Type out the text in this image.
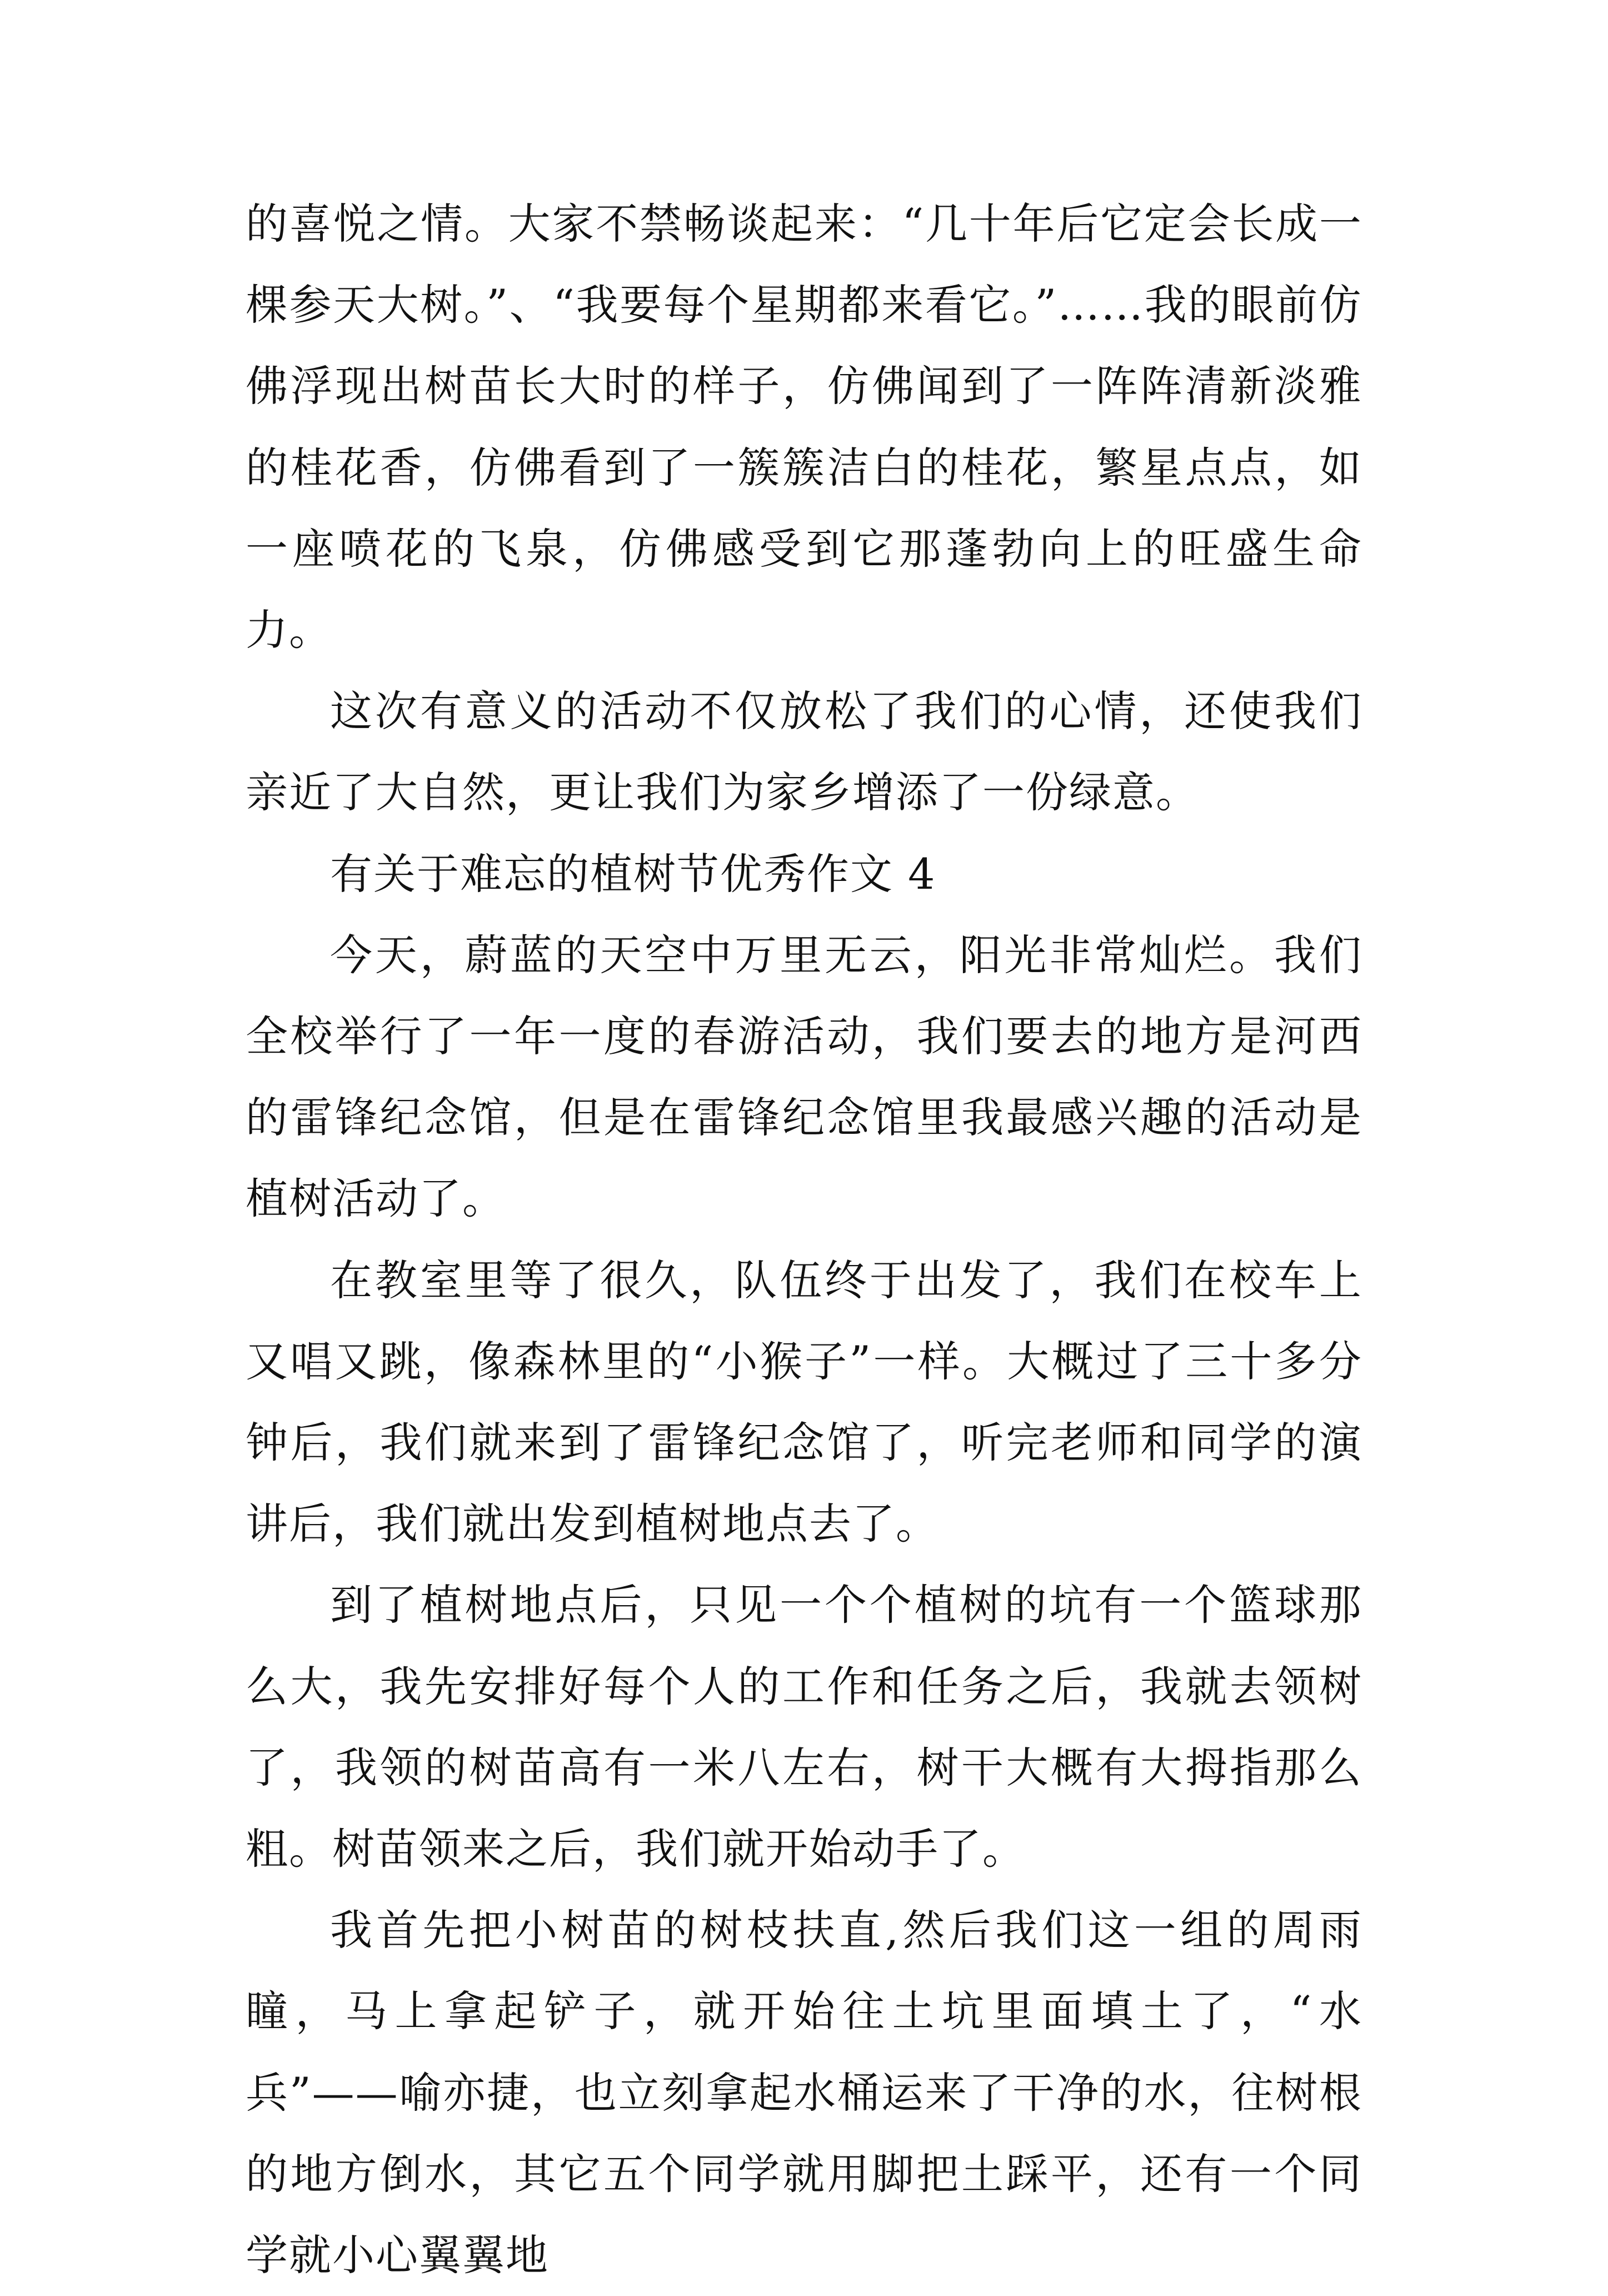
的喜悦之情。大家不禁畅谈起来：“几十年后它定会长成一棵参天大树。”、“我要每个星期都来看它。”……我的眼前仿佛浮现出树苗长大时的样子，仿佛闻到了一阵阵清新淡雅的桂花香，仿佛看到了一簇簇洁白的桂花，繁星点点，如一座喷花的飞泉，仿佛感受到它那蓬勃向上的旺盛生命力。

这次有意义的活动不仅放松了我们的心情，还使我们亲近了大自然，更让我们为家乡增添了一份绿意。

有关于难忘的植树节优秀作文 4

今天，蔚蓝的天空中万里无云，阳光非常灿烂。我们全校举行了一年一度的春游活动，我们要去的地方是河西的雷锋纪念馆，但是在雷锋纪念馆里我最感兴趣的活动是植树活动了。

在教室里等了很久，队伍终于出发了，我们在校车上又唱又跳，像森林里的“小猴子”一样。大概过了三十多分钟后，我们就来到了雷锋纪念馆了，听完老师和同学的演讲后，我们就出发到植树地点去了。

到了植树地点后，只见一个个植树的坑有一个篮球那么大，我先安排好每个人的工作和任务之后，我就去领树了，我领的树苗高有一米八左右，树干大概有大拇指那么粗。树苗领来之后，我们就开始动手了。

我首先把小树苗的树枝扶直,然后我们这一组的周雨瞳，马上拿起铲子，就开始往土坑里面填土了，“水兵”——喻亦捷，也立刻拿起水桶运来了干净的水，往树根的地方倒水，其它五个同学就用脚把土踩平，还有一个同学就小心翼翼地
